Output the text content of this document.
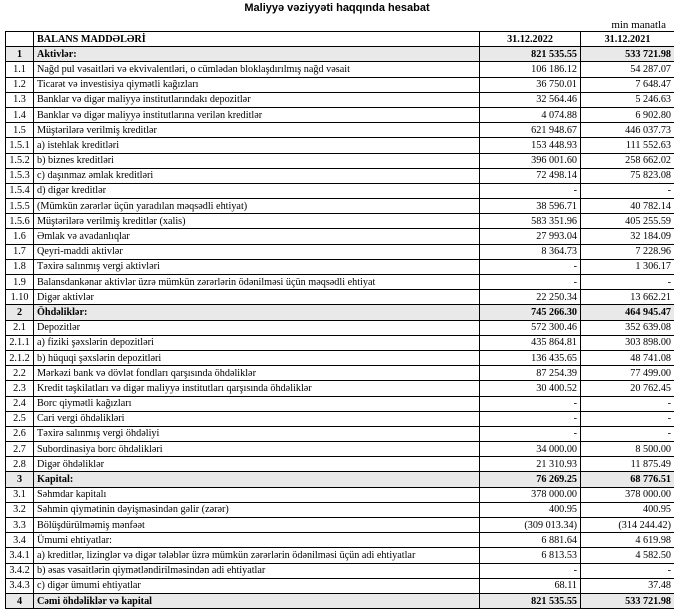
Maliyyə vəziyyəti haqqında hesabat
min manatla
	BALANS MADDƏLƏRİ	31.12.2022	31.12.2021
1	Aktivlər:	821 535.55	533 721.98
1.1	Nağd pul vəsaitləri və ekvivalentləri, o cümlədən bloklaşdırılmış nağd vəsait	106 186.12	54 287.07
1.2	Ticarət və investisiya qiymətli kağızları	36 750.01	7 648.47
1.3	Banklar və digər maliyyə institutlarındakı depozitlər	32 564.46	5 246.63
1.4	Banklar və digər maliyyə institutlarına verilən kreditlər	4 074.88	6 902.80
1.5	Müştərilərə verilmiş kreditlər	621 948.67	446 037.73
1.5.1	a) istehlak kreditləri	153 448.93	111 552.63
1.5.2	b) biznes kreditləri	396 001.60	258 662.02
1.5.3	c) daşınmaz əmlak kreditləri	72 498.14	75 823.08
1.5.4	d) digər kreditlər	-	-
1.5.5	(Mümkün zərərlər üçün yaradılan məqsədli ehtiyat)	38 596.71	40 782.14
1.5.6	Müştərilərə verilmiş kreditlər (xalis)	583 351.96	405 255.59
1.6	Əmlak və avadanlıqlar	27 993.04	32 184.09
1.7	Qeyri-maddi aktivlər	8 364.73	7 228.96
1.8	Təxirə salınmış vergi aktivləri	-	1 306.17
1.9	Balansdankənar aktivlər üzrə mümkün zərərlərin ödənilməsi üçün məqsədli ehtiyat	-	-
1.10	Digər aktivlər	22 250.34	13 662.21
2	Öhdəliklər:	745 266.30	464 945.47
2.1	Depozitlər	572 300.46	352 639.08
2.1.1	a) fiziki şəxslərin depozitləri	435 864.81	303 898.00
2.1.2	b) hüquqi şəxslərin depozitləri	136 435.65	48 741.08
2.2	Mərkəzi bank və dövlət fondları qarşısında öhdəliklər	87 254.39	77 499.00
2.3	Kredit təşkilatları və digər maliyyə institutları qarşısında öhdəliklər	30 400.52	20 762.45
2.4	Borc qiymətli kağızları	-	-
2.5	Cari vergi öhdəlikləri	-	-
2.6	Təxirə salınmış vergi öhdəliyi	-	-
2.7	Subordinasiya borc öhdəlikləri	34 000.00	8 500.00
2.8	Digər öhdəliklər	21 310.93	11 875.49
3	Kapital:	76 269.25	68 776.51
3.1	Səhmdar kapitalı	378 000.00	378 000.00
3.2	Səhmin qiymətinin dəyişməsindən gəlir (zərər)	400.95	400.95
3.3	Bölüşdürülməmiş mənfəət	(309 013.34)	(314 244.42)
3.4	Ümumi ehtiyatlar:	6 881.64	4 619.98
3.4.1	a) kreditlər, lizinglər və digər tələblər üzrə mümkün zərərlərin ödənilməsi üçün adi ehtiyatlar	6 813.53	4 582.50
3.4.2	b) əsas vəsaitlərin qiymətləndirilməsindən adi ehtiyatlar	-	-
3.4.3	c) digər ümumi ehtiyatlar	68.11	37.48
4	Cəmi öhdəliklər və kapital	821 535.55	533 721.98
